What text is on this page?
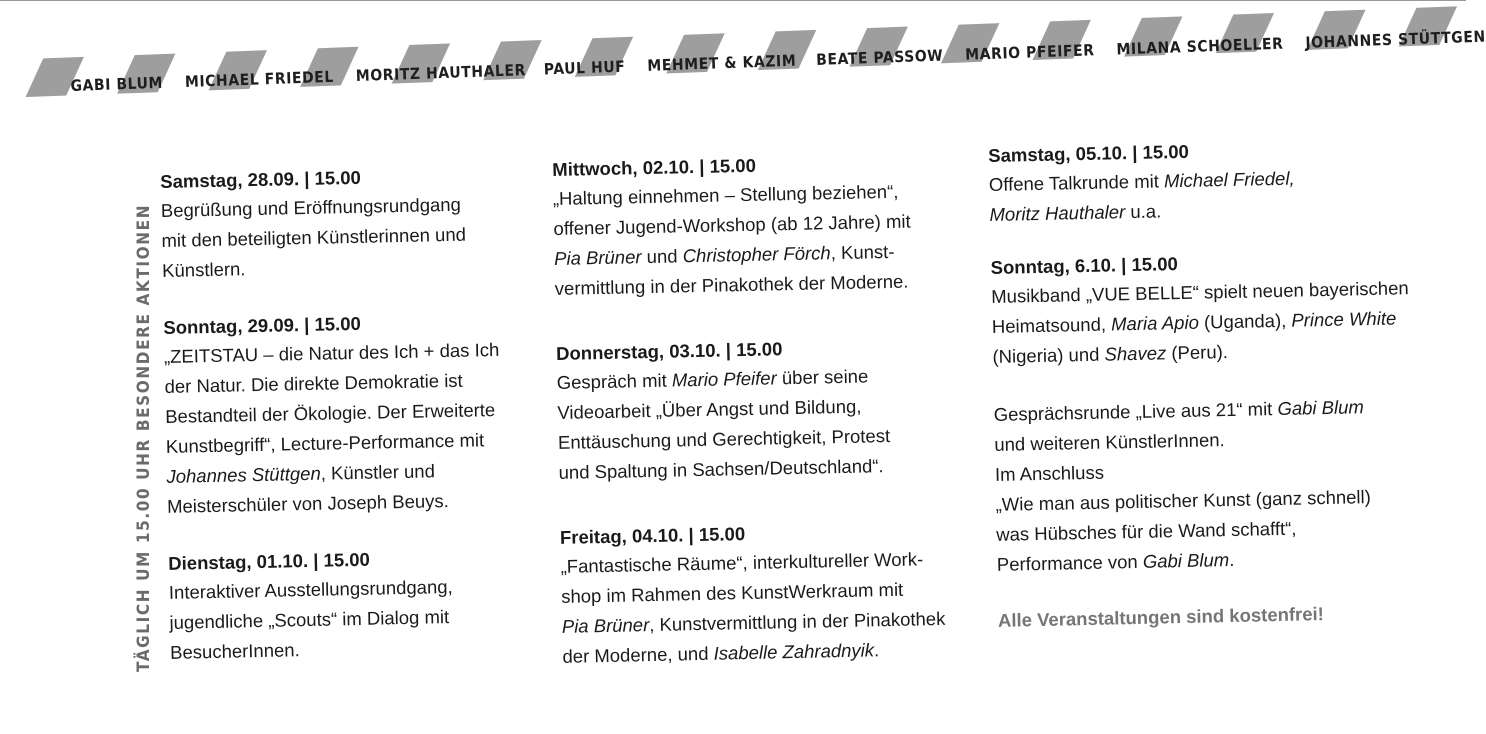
GABI BLUM MICHAEL FRIEDEL MORITZ HAUTHALER PAUL HUF MEHMET & KAZIM BEATE PASSOW MARIO PFEIFER MILANA SCHOELLER JOHANNES STÜTTGEN
TÄGLICH UM 15.00 UHR BESONDERE AKTIONEN
Samstag, 28.09. | 15.00
Begrüßung und Eröffnungsrundgang
mit den beteiligten Künstlerinnen und
Künstlern.
Sonntag, 29.09. | 15.00
„ZEITSTAU – die Natur des Ich + das Ich
der Natur. Die direkte Demokratie ist
Bestandteil der Ökologie. Der Erweiterte
Kunstbegriff“, Lecture-Performance mit
Johannes Stüttgen, Künstler und
Meisterschüler von Joseph Beuys.
Dienstag, 01.10. | 15.00
Interaktiver Ausstellungsrundgang,
jugendliche „Scouts“ im Dialog mit
BesucherInnen.
Mittwoch, 02.10. | 15.00
„Haltung einnehmen – Stellung beziehen“,
offener Jugend-Workshop (ab 12 Jahre) mit
Pia Brüner und Christopher Förch, Kunst-
vermittlung in der Pinakothek der Moderne.
Donnerstag, 03.10. | 15.00
Gespräch mit Mario Pfeifer über seine
Videoarbeit „Über Angst und Bildung,
Enttäuschung und Gerechtigkeit, Protest
und Spaltung in Sachsen/Deutschland“.
Freitag, 04.10. | 15.00
„Fantastische Räume“, interkultureller Work-
shop im Rahmen des KunstWerkraum mit
Pia Brüner, Kunstvermittlung in der Pinakothek
der Moderne, und Isabelle Zahradnyik.
Samstag, 05.10. | 15.00
Offene Talkrunde mit Michael Friedel,
Moritz Hauthaler u.a.
Sonntag, 6.10. | 15.00
Musikband „VUE BELLE“ spielt neuen bayerischen
Heimatsound, Maria Apio (Uganda), Prince White
(Nigeria) und Shavez (Peru).
Gesprächsrunde „Live aus 21“ mit Gabi Blum
und weiteren KünstlerInnen.
Im Anschluss
„Wie man aus politischer Kunst (ganz schnell)
was Hübsches für die Wand schafft“,
Performance von Gabi Blum.
Alle Veranstaltungen sind kostenfrei!
